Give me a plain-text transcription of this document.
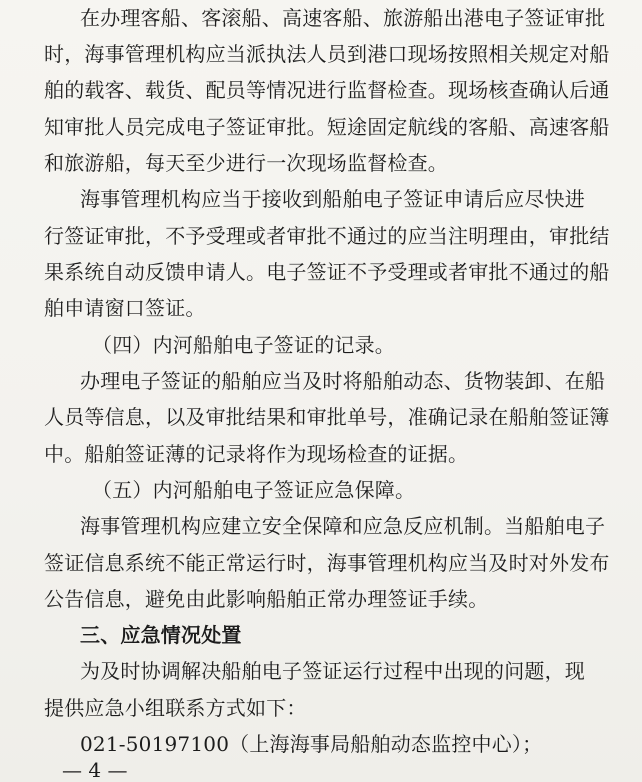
在办理客船、客滚船、高速客船、旅游船出港电子签证审批
时，海事管理机构应当派执法人员到港口现场按照相关规定对船
舶的载客、载货、配员等情况进行监督检查。现场核查确认后通
知审批人员完成电子签证审批。短途固定航线的客船、高速客船
和旅游船，每天至少进行一次现场监督检查。
海事管理机构应当于接收到船舶电子签证申请后应尽快进
行签证审批，不予受理或者审批不通过的应当注明理由，审批结
果系统自动反馈申请人。电子签证不予受理或者审批不通过的船
舶申请窗口签证。
（四）内河船舶电子签证的记录。
办理电子签证的船舶应当及时将船舶动态、货物装卸、在船
人员等信息，以及审批结果和审批单号，准确记录在船舶签证簿
中。船舶签证薄的记录将作为现场检查的证据。
（五）内河船舶电子签证应急保障。
海事管理机构应建立安全保障和应急反应机制。当船舶电子
签证信息系统不能正常运行时，海事管理机构应当及时对外发布
公告信息，避免由此影响船舶正常办理签证手续。
三、应急情况处置
为及时协调解决船舶电子签证运行过程中出现的问题，现
提供应急小组联系方式如下：
021-50197100（上海海事局船舶动态监控中心）；
— 4 —
